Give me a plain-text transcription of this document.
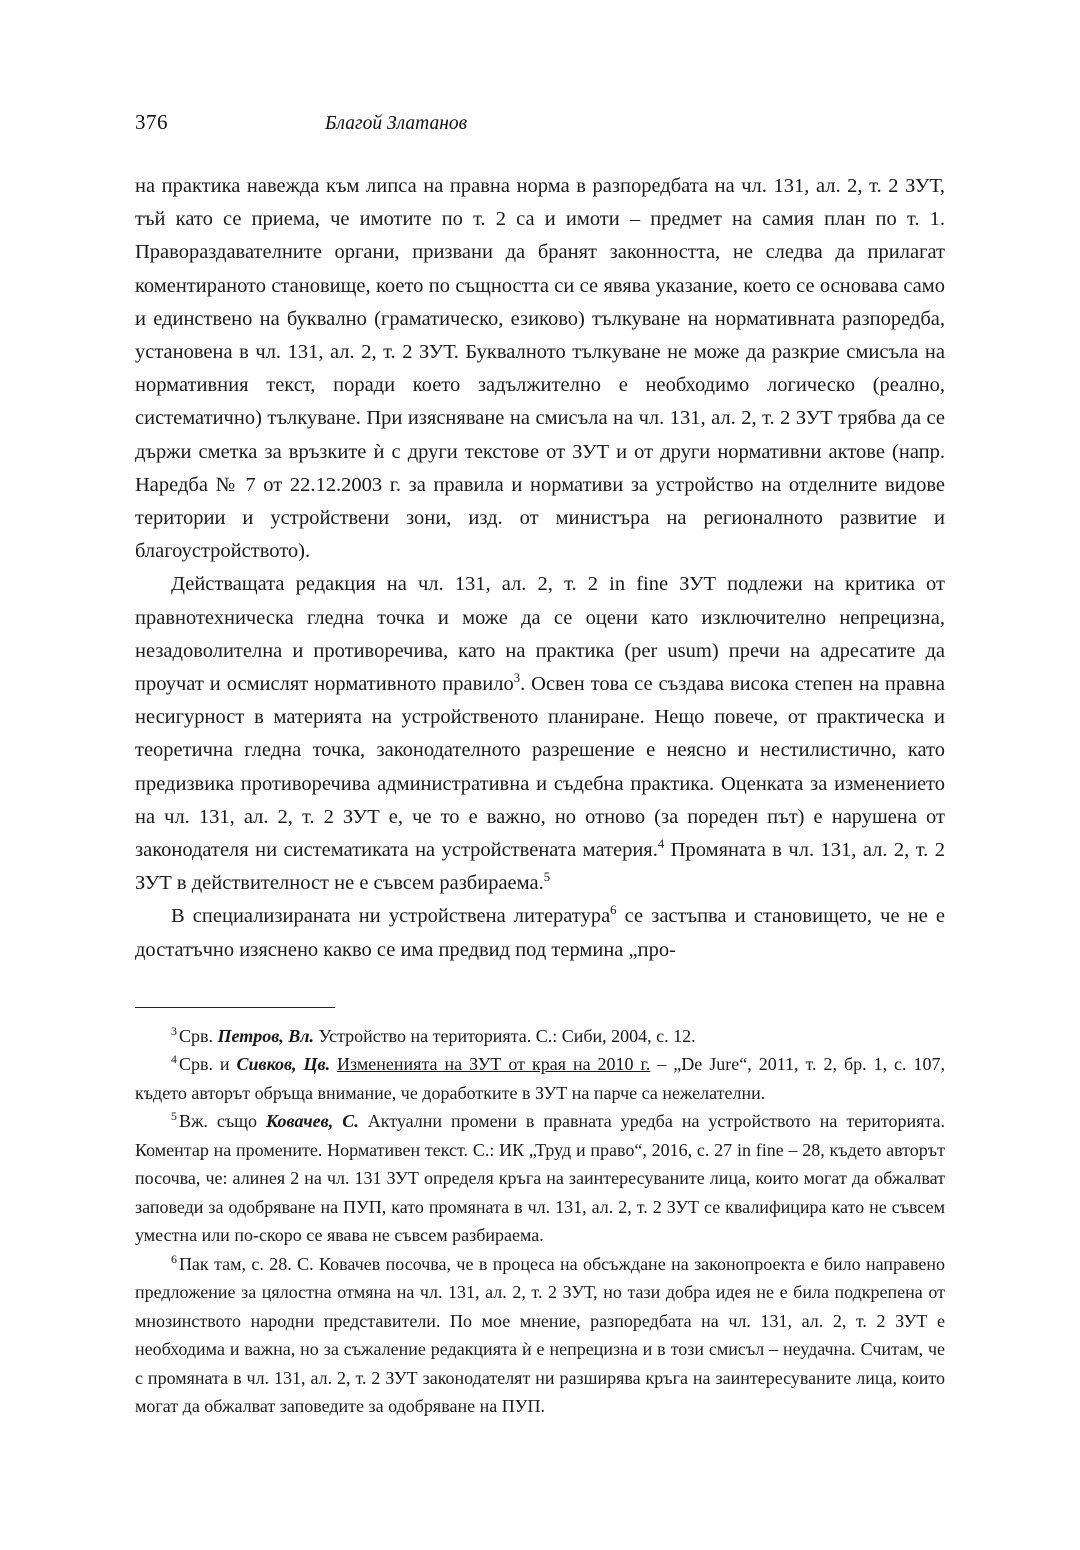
376	Благой Златанов

на практика навежда към липса на правна норма в разпоредбата на чл. 131, ал. 2, т. 2 ЗУТ, тъй като се приема, че имотите по т. 2 са и имоти – предмет на самия план по т. 1. Правораздавателните органи, призвани да бранят законността, не следва да прилагат коментираното становище, което по същността си се явява указание, което се основава само и единствено на буквално (граматическо, езиково) тълкуване на нормативната разпоредба, установена в чл. 131, ал. 2, т. 2 ЗУТ. Буквалното тълкуване не може да разкрие смисъла на нормативния текст, поради което задължително е необходимо логическо (реално, систематично) тълкуване. При изясняване на смисъла на чл. 131, ал. 2, т. 2 ЗУТ трябва да се държи сметка за връзките ѝ с други текстове от ЗУТ и от други нормативни актове (напр. Наредба № 7 от 22.12.2003 г. за правила и нормативи за устройство на отделните видове територии и устройствени зони, изд. от министъра на регионалното развитие и благоустройството).

Действащата редакция на чл. 131, ал. 2, т. 2 in fine ЗУТ подлежи на критика от правнотехническа гледна точка и може да се оцени като изключително непрецизна, незадоволителна и противоречива, като на практика (per usum) пречи на адресатите да проучат и осмислят нормативното правило$^3$. Освен това се създава висока степен на правна несигурност в материята на устройственото планиране. Нещо повече, от практическа и теоретична гледна точка, законодателното разрешение е неясно и нестилистично, като предизвика противоречива административна и съдебна практика. Оценката за изменението на чл. 131, ал. 2, т. 2 ЗУТ е, че то е важно, но отново (за пореден път) е нарушена от законодателя ни систематиката на устройствената материя.$^4$ Промяната в чл. 131, ал. 2, т. 2 ЗУТ в действителност не е съвсем разбираема.$^5$

В специализираната ни устройствена литература$^6$ се застъпва и становището, че не е достатъчно изяснено какво се има предвид под термина „про-

$^3$ Срв. Петров, Вл. Устройство на територията. С.: Сиби, 2004, с. 12.

$^4$ Срв. и Сивков, Цв. Измененията на ЗУТ от края на 2010 г. – „De Jure“, 2011, т. 2, бр. 1, с. 107, където авторът обръща внимание, че доработките в ЗУТ на парче са нежелателни.

$^5$ Вж. също Ковачев, С. Актуални промени в правната уредба на устройството на територията. Коментар на промените. Нормативен текст. С.: ИК „Труд и право“, 2016, с. 27 in fine – 28, където авторът посочва, че: алинея 2 на чл. 131 ЗУТ определя кръга на заинтересуваните лица, които могат да обжалват заповеди за одобряване на ПУП, като промяната в чл. 131, ал. 2, т. 2 ЗУТ се квалифицира като не съвсем уместна или по-скоро се явава не съвсем разбираема.

$^6$ Пак там, с. 28. С. Ковачев посочва, че в процеса на обсъждане на законопроекта е било направено предложение за цялостна отмяна на чл. 131, ал. 2, т. 2 ЗУТ, но тази добра идея не е била подкрепена от мнозинството народни представители. По мое мнение, разпоредбата на чл. 131, ал. 2, т. 2 ЗУТ е необходима и важна, но за съжаление редакцията ѝ е непрецизна и в този смисъл – неудачна. Считам, че с промяната в чл. 131, ал. 2, т. 2 ЗУТ законодателят ни разширява кръга на заинтересуваните лица, които могат да обжалват заповедите за одобряване на ПУП.
